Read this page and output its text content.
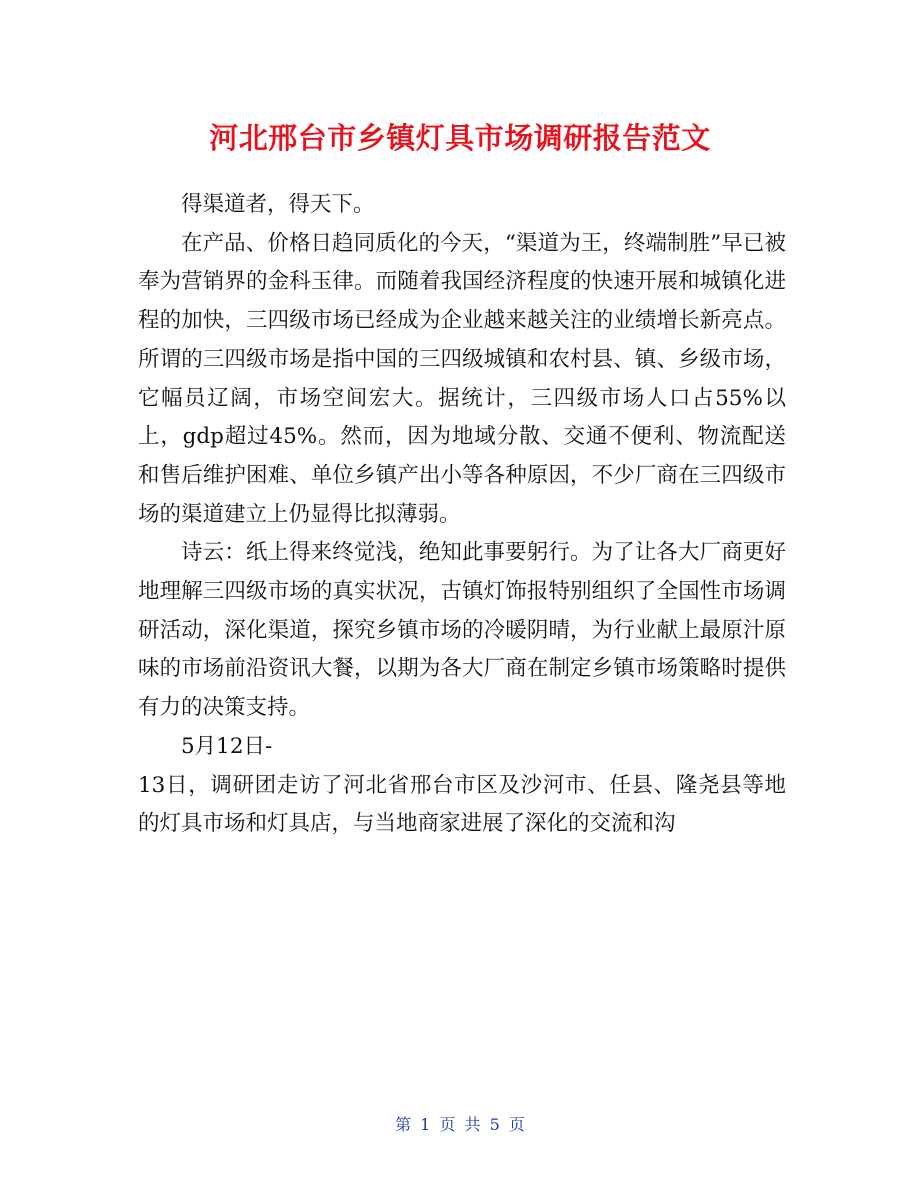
河北邢台市乡镇灯具市场调研报告范文

得渠道者，得天下。

在产品、价格日趋同质化的今天，“渠道为王，终端制胜”早已被奉为营销界的金科玉律。而随着我国经济程度的快速开展和城镇化进程的加快，三四级市场已经成为企业越来越关注的业绩增长新亮点。所谓的三四级市场是指中国的三四级城镇和农村县、镇、乡级市场，它幅员辽阔，市场空间宏大。据统计，三四级市场人口占55%以上，gdp超过45%。然而，因为地域分散、交通不便利、物流配送和售后维护困难、单位乡镇产出小等各种原因，不少厂商在三四级市场的渠道建立上仍显得比拟薄弱。

诗云：纸上得来终觉浅，绝知此事要躬行。为了让各大厂商更好地理解三四级市场的真实状况，古镇灯饰报特别组织了全国性市场调研活动，深化渠道，探究乡镇市场的冷暖阴晴，为行业献上最原汁原味的市场前沿资讯大餐，以期为各大厂商在制定乡镇市场策略时提供有力的决策支持。

5月12日-

13日，调研团走访了河北省邢台市区及沙河市、任县、隆尧县等地的灯具市场和灯具店，与当地商家进展了深化的交流和沟

第 1 页 共 5 页
